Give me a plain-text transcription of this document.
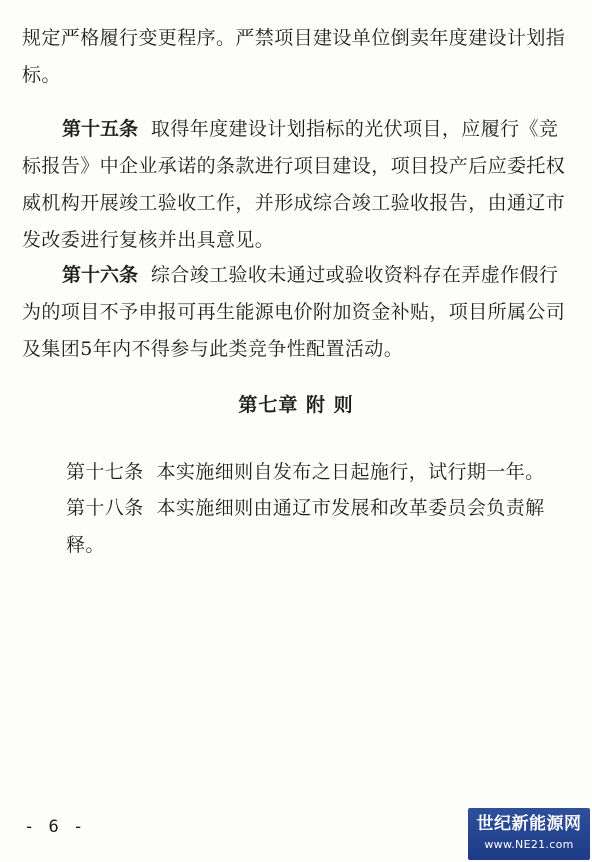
规定严格履行变更程序。严禁项目建设单位倒卖年度建设计划指标。

第十五条 取得年度建设计划指标的光伏项目，应履行《竞标报告》中企业承诺的条款进行项目建设，项目投产后应委托权威机构开展竣工验收工作，并形成综合竣工验收报告，由通辽市发改委进行复核并出具意见。

第十六条 综合竣工验收未通过或验收资料存在弄虚作假行为的项目不予申报可再生能源电价附加资金补贴，项目所属公司及集团5年内不得参与此类竞争性配置活动。

第七章 附 则

第十七条 本实施细则自发布之日起施行，试行期一年。

第十八条 本实施细则由通辽市发展和改革委员会负责解释。

- 6 -	世纪新能源网
www.NE21.com
